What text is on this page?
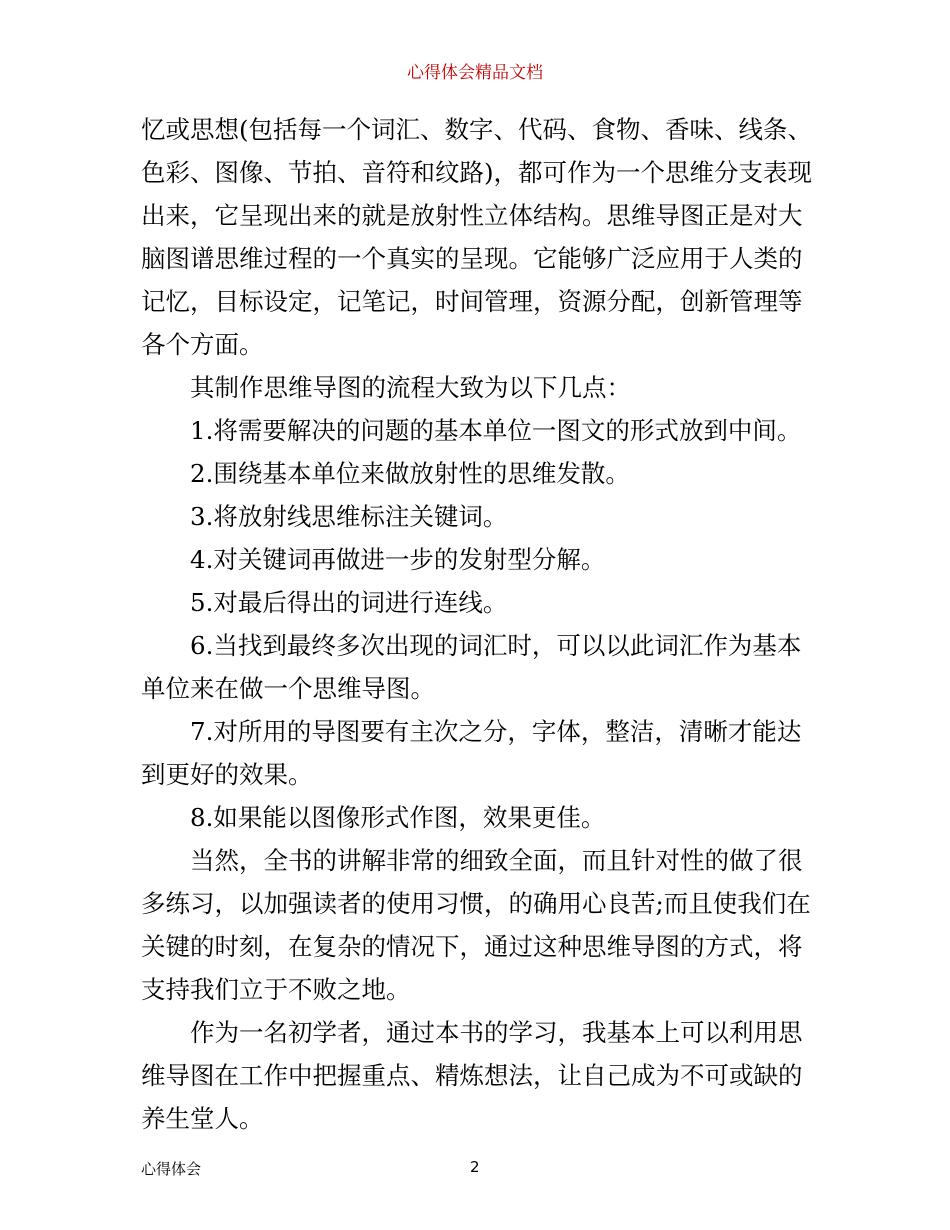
心得体会精品文档

忆或思想(包括每一个词汇、数字、代码、食物、香味、线条、色彩、图像、节拍、音符和纹路)，都可作为一个思维分支表现出来，它呈现出来的就是放射性立体结构。思维导图正是对大脑图谱思维过程的一个真实的呈现。它能够广泛应用于人类的记忆，目标设定，记笔记，时间管理，资源分配，创新管理等各个方面。

其制作思维导图的流程大致为以下几点：

1.将需要解决的问题的基本单位一图文的形式放到中间。

2.围绕基本单位来做放射性的思维发散。

3.将放射线思维标注关键词。

4.对关键词再做进一步的发射型分解。

5.对最后得出的词进行连线。

6.当找到最终多次出现的词汇时，可以以此词汇作为基本单位来在做一个思维导图。

7.对所用的导图要有主次之分，字体，整洁，清晰才能达到更好的效果。

8.如果能以图像形式作图，效果更佳。

当然，全书的讲解非常的细致全面，而且针对性的做了很多练习，以加强读者的使用习惯，的确用心良苦;而且使我们在关键的时刻，在复杂的情况下，通过这种思维导图的方式，将支持我们立于不败之地。

作为一名初学者，通过本书的学习，我基本上可以利用思维导图在工作中把握重点、精炼想法，让自己成为不可或缺的养生堂人。

心得体会	2
